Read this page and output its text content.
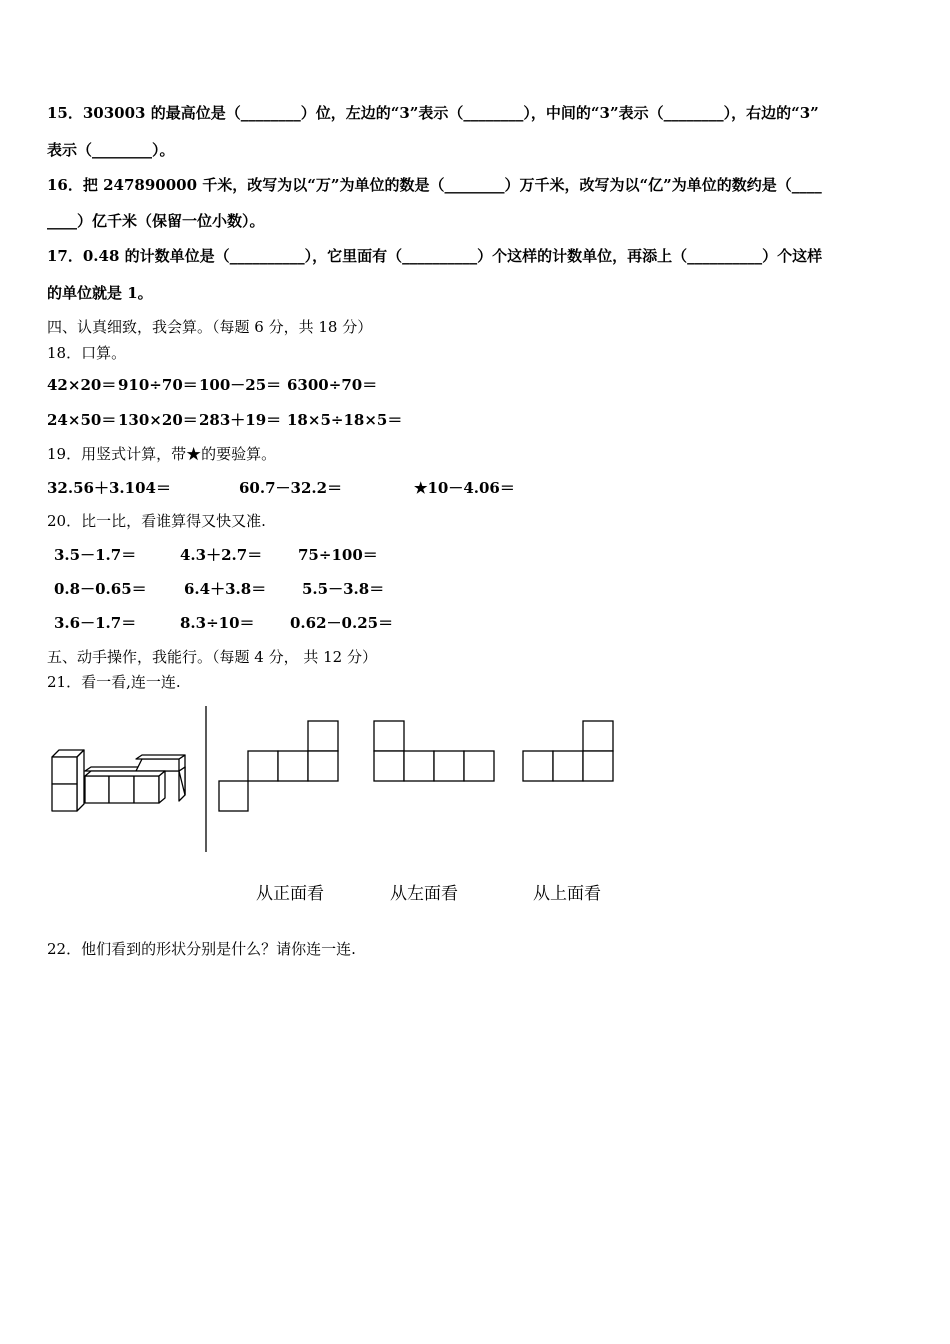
15．303003 的最高位是（________）位，左边的“3”表示（________），中间的“3”表示（________），右边的“3”
表示（________）。
16．把 247890000 千米，改写为以“万”为单位的数是（________）万千米，改写为以“亿”为单位的数约是（____
____）亿千米（保留一位小数）。
17．0.48 的计数单位是（__________），它里面有（__________）个这样的计数单位，再添上（__________）个这样
的单位就是 1。
四、认真细致，我会算。（每题 6 分，共 18 分）
18．口算。
42×20＝ 910÷70＝ 100－25＝ 6300÷70＝
24×50＝ 130×20＝ 283＋19＝ 18×5÷18×5＝
19．用竖式计算，带★的要验算。
32.56＋3.104＝	60.7－32.2＝	★10－4.06＝
20．比一比，看谁算得又快又准.
3.5－1.7＝	4.3＋2.7＝ 75÷100＝
0.8－0.65＝ 6.4＋3.8＝ 5.5－3.8＝
3.6－1.7＝	8.3÷10＝ 0.62－0.25＝
五、动手操作，我能行。（每题 4 分， 共 12 分）
21．看一看,连一连.
从正面看	从左面看	从上面看
22．他们看到的形状分别是什么？请你连一连.
